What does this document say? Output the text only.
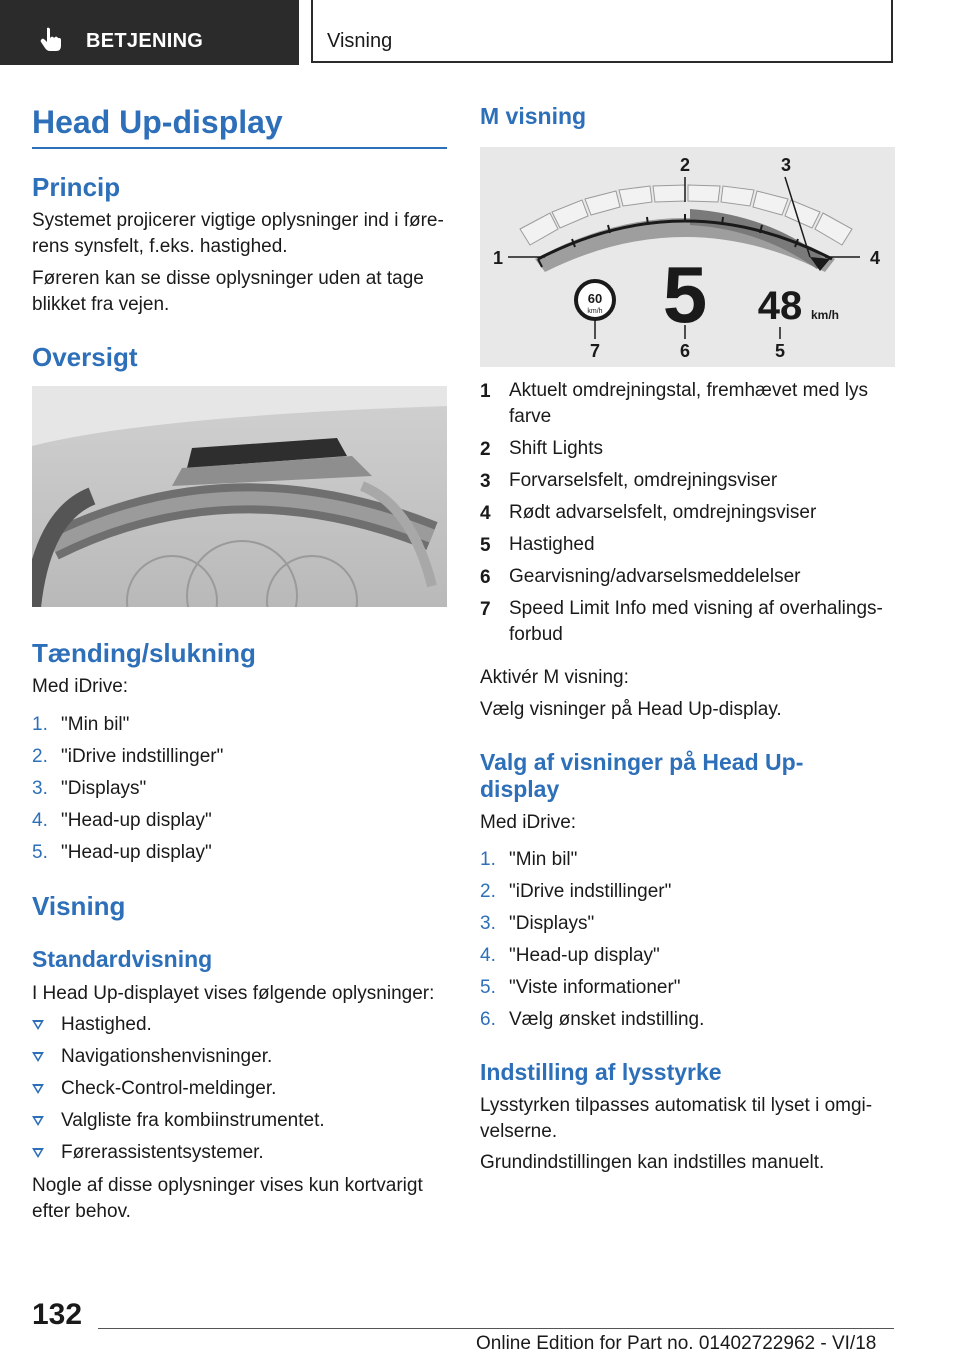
BETJENING	Visning
Head Up-display
Princip
Systemet projicerer vigtige oplysninger ind i føre-
rens synsfelt, f.eks. hastighed.
Føreren kan se disse oplysninger uden at tage
blikket fra vejen.
Oversigt
Tænding/slukning
Med iDrive:
1. "Min bil"
2. "iDrive indstillinger"
3. "Displays"
4. "Head-up display"
5. "Head-up display"
Visning
Standardvisning
I Head Up-displayet vises følgende oplysninger:
Hastighed.
Navigationshenvisninger.
Check-Control-meldinger.
Valgliste fra kombiinstrumentet.
Førerassistentsystemer.
Nogle af disse oplysninger vises kun kortvarigt
efter behov.
M visning
60
km/h 5 48 km/h
1
2	3
4
5
6
7
1 Aktuelt omdrejningstal, fremhævet med lys
farve
2 Shift Lights
3 Forvarselsfelt, omdrejningsviser
4 Rødt advarselsfelt, omdrejningsviser
5 Hastighed
6 Gearvisning/advarselsmeddelelser
7 Speed Limit Info med visning af overhalings-
forbud
Aktivér M visning:
Vælg visninger på Head Up-display.
Valg af visninger på Head Up-
display
Med iDrive:
1. "Min bil"
2. "iDrive indstillinger"
3. "Displays"
4. "Head-up display"
5. "Viste informationer"
6. Vælg ønsket indstilling.
Indstilling af lysstyrke
Lysstyrken tilpasses automatisk til lyset i omgi-
velserne.
Grundindstillingen kan indstilles manuelt.
132
Online Edition for Part no. 01402722962 - VI/18
